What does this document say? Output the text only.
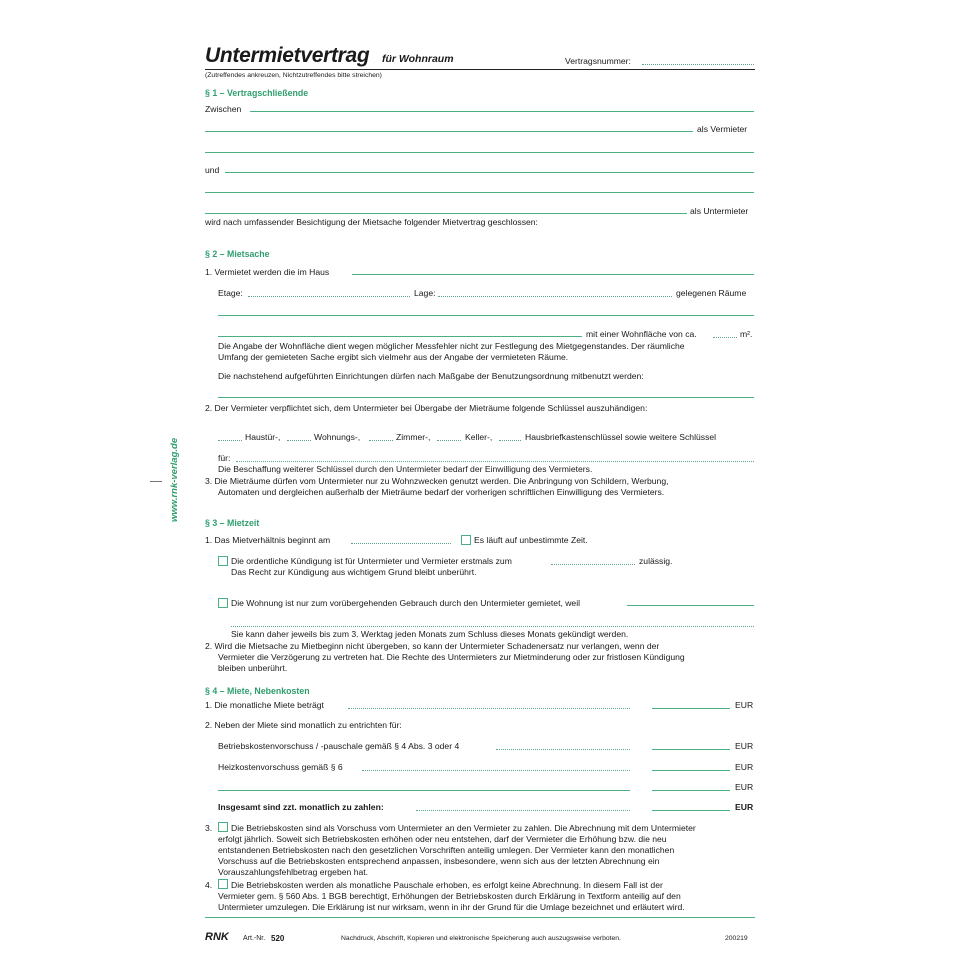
www.rnk-verlag.de
Untermietvertrag für Wohnraum	Vertragsnummer:
(Zutreffendes ankreuzen, Nichtzutreffendes bitte streichen)
§ 1 – Vertragschließende
Zwischen
als Vermieter
und
als Untermieter
wird nach umfassender Besichtigung der Mietsache folgender Mietvertrag geschlossen:
§ 2 – Mietsache
1. Vermietet werden die im Haus
Etage:	Lage:	gelegenen Räume
mit einer Wohnfläche von ca.	m².
Die Angabe der Wohnfläche dient wegen möglicher Messfehler nicht zur Festlegung des Mietgegenstandes. Der räumliche
Umfang der gemieteten Sache ergibt sich vielmehr aus der Angabe der vermieteten Räume.
Die nachstehend aufgeführten Einrichtungen dürfen nach Maßgabe der Benutzungsordnung mitbenutzt werden:
2. Der Vermieter verpflichtet sich, dem Untermieter bei Übergabe der Mieträume folgende Schlüssel auszuhändigen:
Haustür-,	Wohnungs-,	Zimmer-,	Keller-,	Hausbriefkastenschlüssel sowie weitere Schlüssel
für:
Die Beschaffung weiterer Schlüssel durch den Untermieter bedarf der Einwilligung des Vermieters.
3. Die Mieträume dürfen vom Untermieter nur zu Wohnzwecken genutzt werden. Die Anbringung von Schildern, Werbung,
Automaten und dergleichen außerhalb der Mieträume bedarf der vorherigen schriftlichen Einwilligung des Vermieters.
§ 3 – Mietzeit
1. Das Mietverhältnis beginnt am	Es läuft auf unbestimmte Zeit.
Die ordentliche Kündigung ist für Untermieter und Vermieter erstmals zum	zulässig.
Das Recht zur Kündigung aus wichtigem Grund bleibt unberührt.
Die Wohnung ist nur zum vorübergehenden Gebrauch durch den Untermieter gemietet, weil
Sie kann daher jeweils bis zum 3. Werktag jeden Monats zum Schluss dieses Monats gekündigt werden.
2. Wird die Mietsache zu Mietbeginn nicht übergeben, so kann der Untermieter Schadenersatz nur verlangen, wenn der
Vermieter die Verzögerung zu vertreten hat. Die Rechte des Untermieters zur Mietminderung oder zur fristlosen Kündigung
bleiben unberührt.
§ 4 – Miete, Nebenkosten
1. Die monatliche Miete beträgt	EUR
2. Neben der Miete sind monatlich zu entrichten für:
Betriebskostenvorschuss / -pauschale gemäß § 4 Abs. 3 oder 4	EUR
Heizkostenvorschuss gemäß § 6	EUR
EUR
Insgesamt sind zzt. monatlich zu zahlen:	EUR
3. Die Betriebskosten sind als Vorschuss vom Untermieter an den Vermieter zu zahlen. Die Abrechnung mit dem Untermieter
erfolgt jährlich. Soweit sich Betriebskosten erhöhen oder neu entstehen, darf der Vermieter die Erhöhung bzw. die neu
entstandenen Betriebskosten nach den gesetzlichen Vorschriften anteilig umlegen. Der Vermieter kann den monatlichen
Vorschuss auf die Betriebskosten entsprechend anpassen, insbesondere, wenn sich aus der letzten Abrechnung ein
Vorauszahlungsfehlbetrag ergeben hat.
4. Die Betriebskosten werden als monatliche Pauschale erhoben, es erfolgt keine Abrechnung. In diesem Fall ist der
Vermieter gem. § 560 Abs. 1 BGB berechtigt, Erhöhungen der Betriebskosten durch Erklärung in Textform anteilig auf den
Untermieter umzulegen. Die Erklärung ist nur wirksam, wenn in ihr der Grund für die Umlage bezeichnet und erläutert wird.
RNK Art.-Nr. 520	Nachdruck, Abschrift, Kopieren und elektronische Speicherung auch auszugsweise verboten.	200219
